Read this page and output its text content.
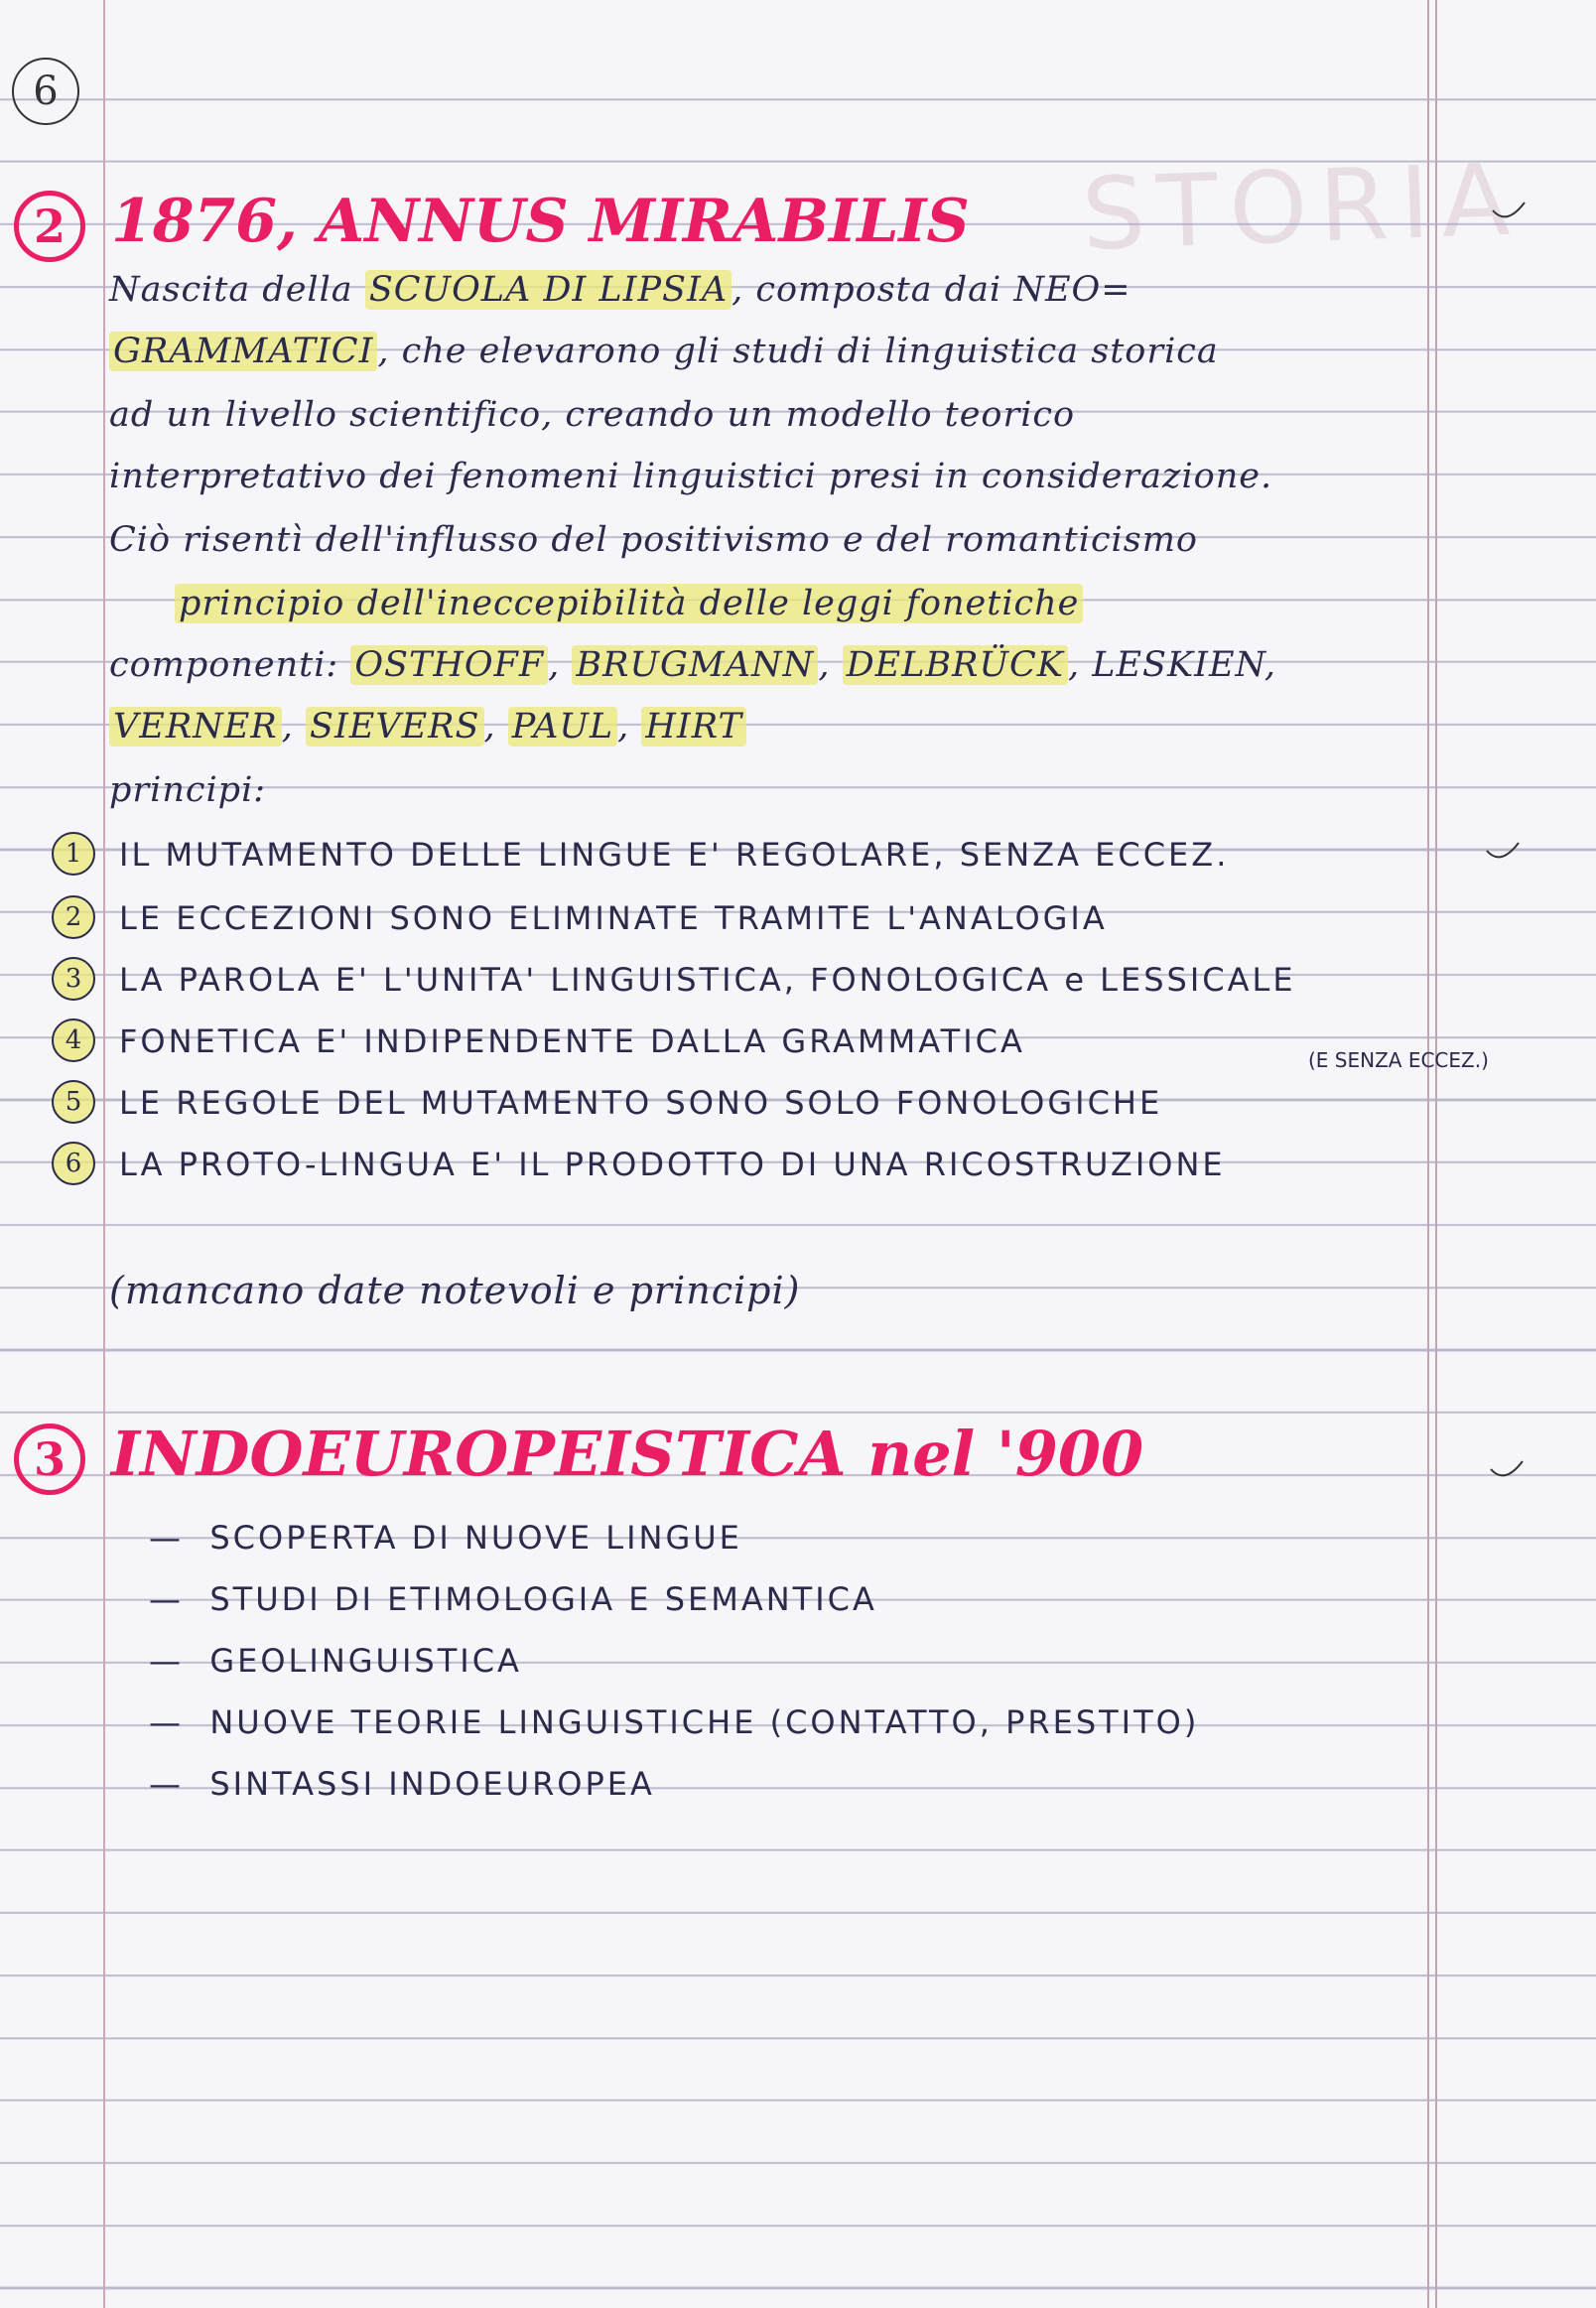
STORIA
6
2 1876, ANNUS MIRABILIS
Nascita della SCUOLA DI LIPSIA , composta dai NEO=
GRAMMATICI , che elevarono gli studi di linguistica storica
ad un livello scientifico, creando un modello teorico
interpretativo dei fenomeni linguistici presi in considerazione.
Ciò risentì dell'influsso del positivismo e del romanticismo
principio dell'ineccepibilità delle leggi fonetiche
componenti: OSTHOFF , BRUGMANN , DELBRÜCK , LESKIEN,
VERNER , SIEVERS , PAUL , HIRT
principi:
1	IL MUTAMENTO DELLE LINGUE E' REGOLARE, SENZA ECCEZ.
2	LE ECCEZIONI SONO ELIMINATE TRAMITE L'ANALOGIA
3	LA PAROLA E' L'UNITA' LINGUISTICA, FONOLOGICA e LESSICALE
4	FONETICA E' INDIPENDENTE DALLA GRAMMATICA	(E SENZA ECCEZ.)
5	LE REGOLE DEL MUTAMENTO SONO SOLO FONOLOGICHE
6	LA PROTO-LINGUA E' IL PRODOTTO DI UNA RICOSTRUZIONE
(mancano date notevoli e principi)
3 INDOEUROPEISTICA nel '900
—  SCOPERTA DI NUOVE LINGUE
—  STUDI DI ETIMOLOGIA E SEMANTICA
—  GEOLINGUISTICA
—  NUOVE TEORIE LINGUISTICHE (CONTATTO, PRESTITO)
—  SINTASSI INDOEUROPEA
